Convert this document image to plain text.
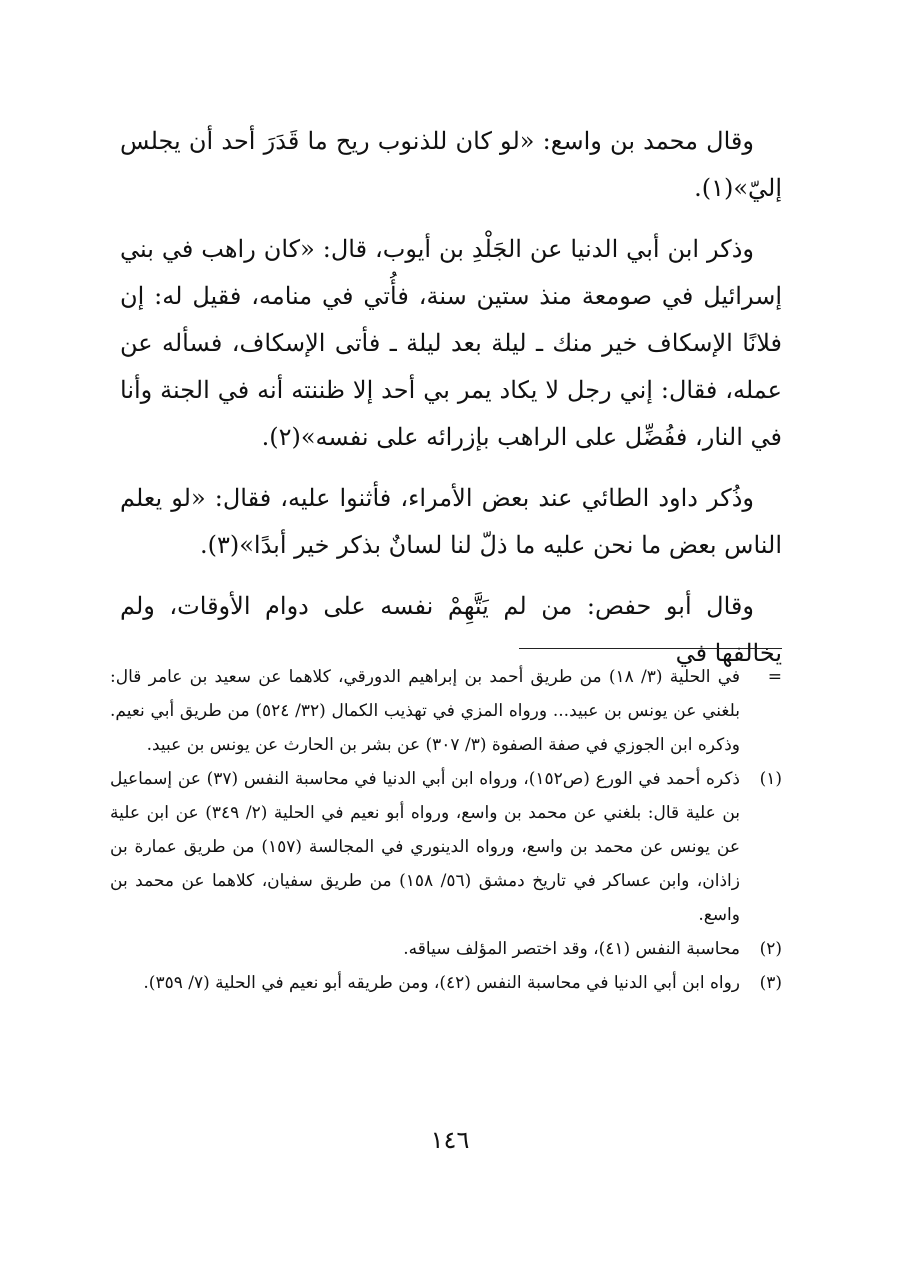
وقال محمد بن واسع: «لو كان للذنوب ريح ما قَدَرَ أحد أن يجلس إليّ»(١).

وذكر ابن أبي الدنيا عن الجَلْدِ بن أيوب، قال: «كان راهب في بني إسرائيل في صومعة منذ ستين سنة، فأُتي في منامه، فقيل له: إن فلانًا الإسكاف خير منك ـ ليلة بعد ليلة ـ فأتى الإسكاف، فسأله عن عمله، فقال: إني رجل لا يكاد يمر بي أحد إلا ظننته أنه في الجنة وأنا في النار، ففُضِّل على الراهب بإزرائه على نفسه»(٢).

وذُكر داود الطائي عند بعض الأمراء، فأثنوا عليه، فقال: «لو يعلم الناس بعض ما نحن عليه ما ذلّ لنا لسانٌ بذكر خير أبدًا»(٣).

وقال أبو حفص: من لم يَتَّهِمْ نفسه على دوام الأوقات، ولم يخالفها في

=
في الحلية (٣/ ١٨) من طريق أحمد بن إبراهيم الدورقي، كلاهما عن سعيد بن عامر قال: بلغني عن يونس بن عبيد... ورواه المزي في تهذيب الكمال (٣٢/ ٥٢٤) من طريق أبي نعيم. وذكره ابن الجوزي في صفة الصفوة (٣/ ٣٠٧) عن بشر بن الحارث عن يونس بن عبيد.
(١)
ذكره أحمد في الورع (ص١٥٢)، ورواه ابن أبي الدنيا في محاسبة النفس (٣٧) عن إسماعيل بن علية قال: بلغني عن محمد بن واسع، ورواه أبو نعيم في الحلية (٢/ ٣٤٩) عن ابن علية عن يونس عن محمد بن واسع، ورواه الدينوري في المجالسة (١٥٧) من طريق عمارة بن زاذان، وابن عساكر في تاريخ دمشق (٥٦/ ١٥٨) من طريق سفيان، كلاهما عن محمد بن واسع.
(٢)
محاسبة النفس (٤١)، وقد اختصر المؤلف سياقه.
(٣)
رواه ابن أبي الدنيا في محاسبة النفس (٤٢)، ومن طريقه أبو نعيم في الحلية (٧/ ٣٥٩).
١٤٦
